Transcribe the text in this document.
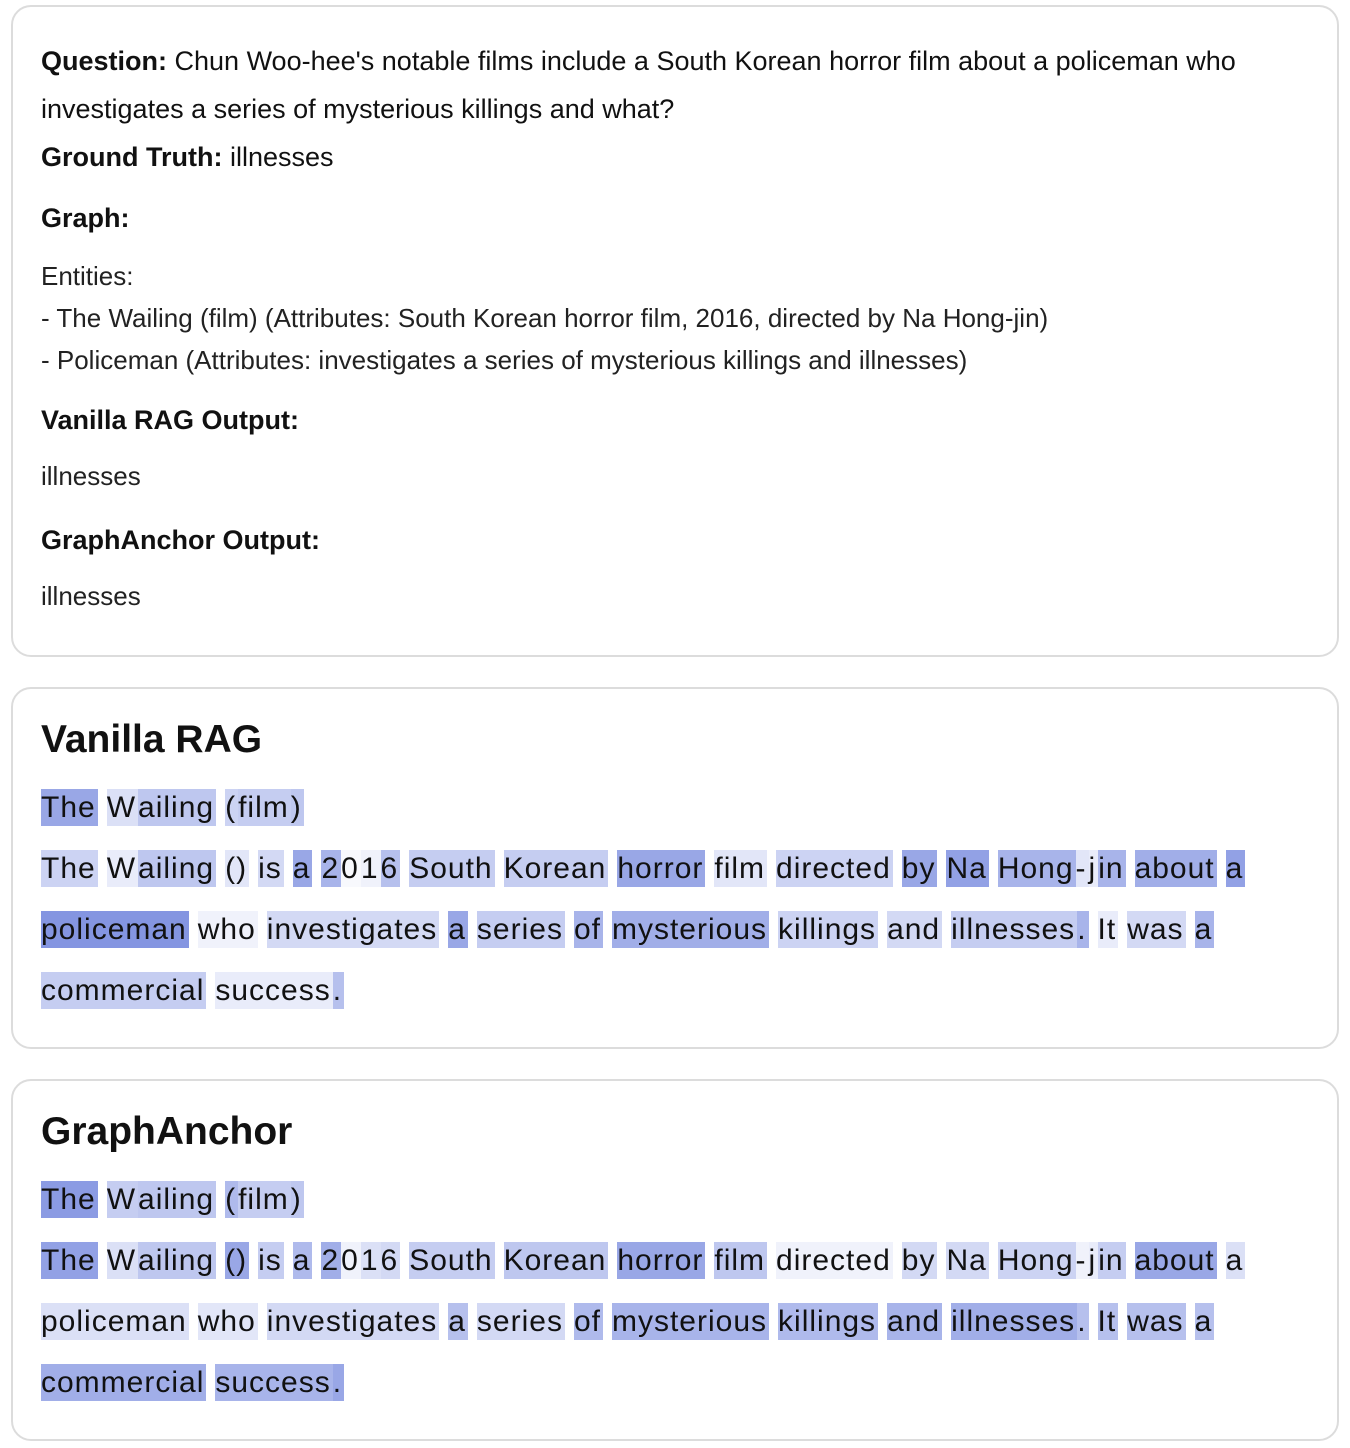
Question: Chun Woo-hee's notable films include a South Korean horror film about a policeman who investigates a series of mysterious killings and what?

Ground Truth: illnesses

Graph:

Entities:
- The Wailing (film) (Attributes: South Korean horror film, 2016, directed by Na Hong-jin)
- Policeman (Attributes: investigates a series of mysterious killings and illnesses)

Vanilla RAG Output:

illnesses

GraphAnchor Output:

illnesses

Vanilla RAG
The Wailing (film)
The Wailing () is a 2016 South Korean horror film directed by Na Hong-jin about a
policeman who investigates a series of mysterious killings and illnesses. It was a
commercial success.
GraphAnchor
The Wailing (film)
The Wailing () is a 2016 South Korean horror film directed by Na Hong-jin about a
policeman who investigates a series of mysterious killings and illnesses. It was a
commercial success.
